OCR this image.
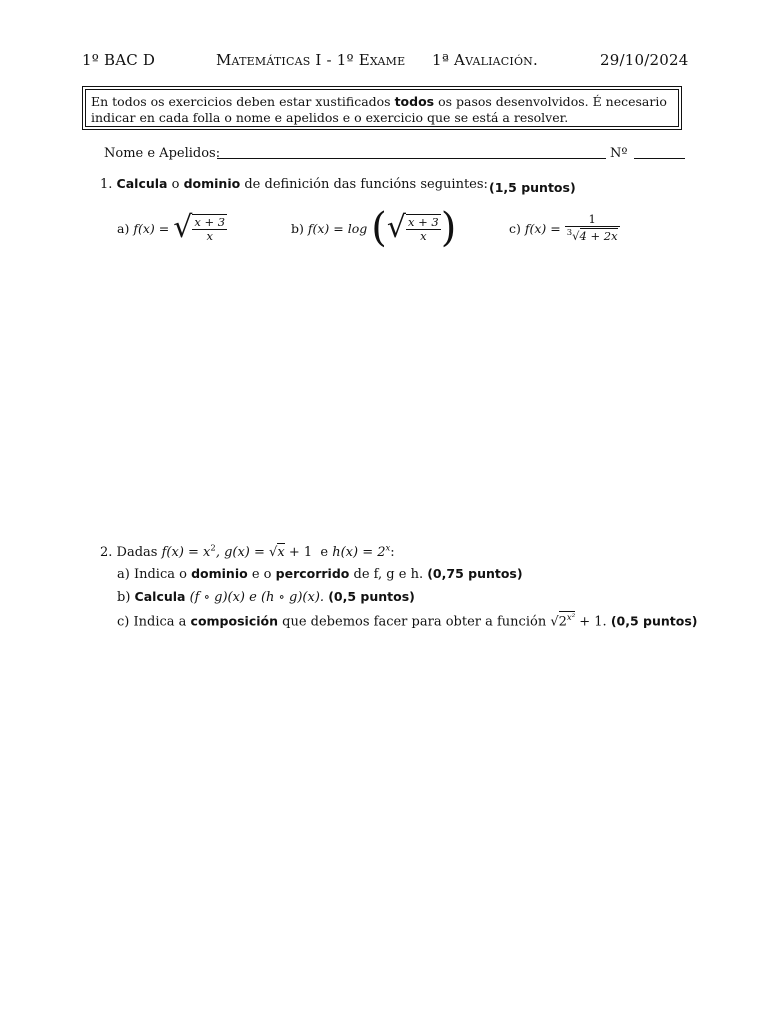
1º BAC D	Matemáticas I - 1º Exame 1ª Avaliación.	29/10/2024
En todos os exercicios deben estar xustificados todos os pasos desenvolvidos. É necesario indicar en cada folla o nome e apelidos e o exercicio que se está a resolver.
Nome e Apelidos:	Nº
1. Calcula o dominio de definición das funcións seguintes: (1,5 puntos)
a)
f(x) =
√ $\frac{x + 3}{x}$	b)
f(x) = log
( √ $\frac{x + 3}{x}$ )	c)
f(x) =
$\frac{1}{^3√4 + 2x}$
2. Dadas $f(x) = x^2$, g(x) = √x + 1 e $h(x) = 2^x$:
a) Indica o dominio e o percorrido de f, g e h. (0,75 puntos)
b) Calcula (f ∘ g)(x) e (h ∘ g)(x). (0,5 puntos)
c) Indica a composición que debemos facer para obter a función $√2^{x^2} + 1$. (0,5 puntos)
